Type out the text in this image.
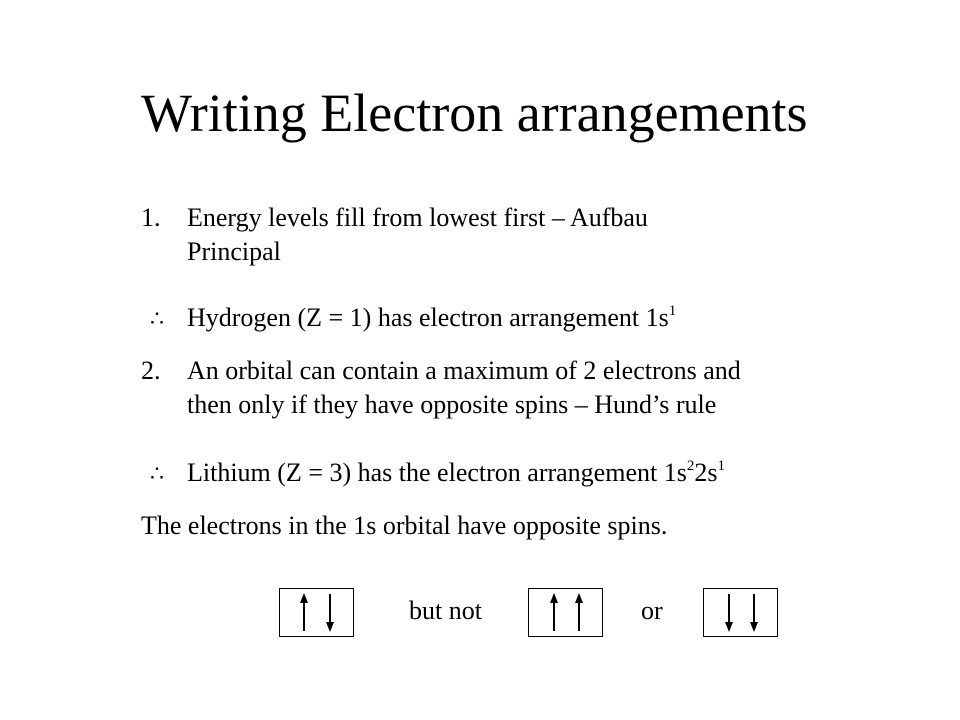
Writing Electron arrangements
1. Energy levels fill from lowest first – Aufbau
Principal
∴ Hydrogen (Z = 1) has electron arrangement $1s^1$
2. An orbital can contain a maximum of 2 electrons and
then only if they have opposite spins – Hund’s rule
∴ Lithium (Z = 3) has the electron arrangement $1s^22s^1$
The electrons in the 1s orbital have opposite spins.
but not	or
